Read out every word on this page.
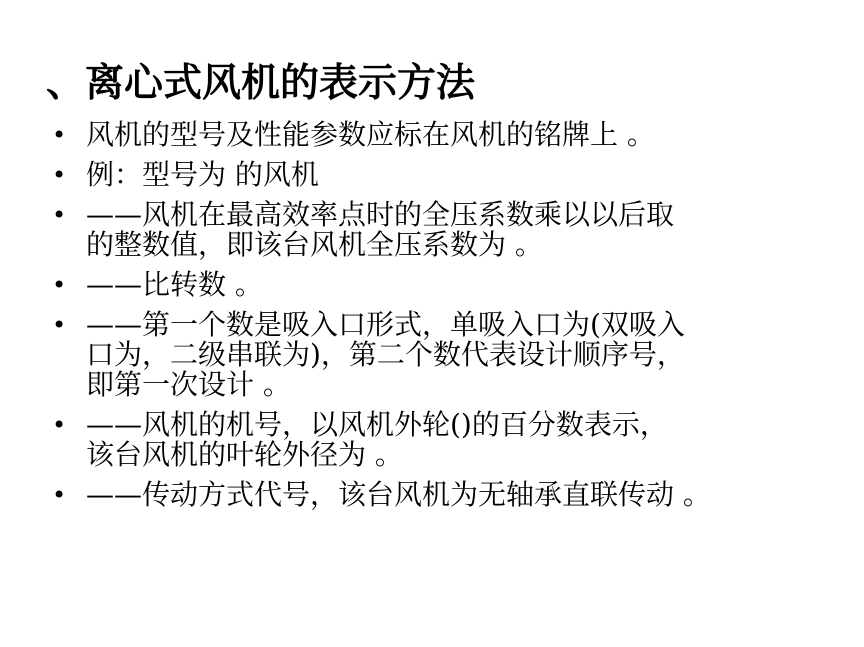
、离心式风机的表示方法
• 风机的型号及性能参数应标在风机的铭牌上 。
• 例：型号为 的风机
• ——风机在最高效率点时的全压系数乘以以后取
的整数值，即该台风机全压系数为 。
• ——比转数 。
• ——第一个数是吸入口形式，单吸入口为(双吸入
口为，二级串联为)，第二个数代表设计顺序号，
即第一次设计 。
• ——风机的机号，以风机外轮()的百分数表示，
该台风机的叶轮外径为 。
• ——传动方式代号，该台风机为无轴承直联传动 。
